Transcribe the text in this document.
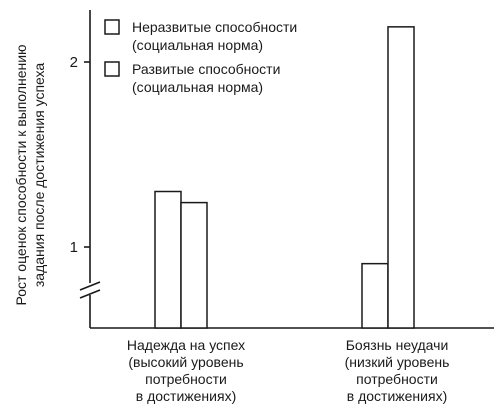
Рост оценок способности к выполнению задания после достижения успеха
2
1
Неразвитые способности
(социальная норма)
Развитые способности
(социальная норма)
Надежда на успех
(высокий уровень
потребности
в достижениях)
Боязнь неудачи
(низкий уровень
потребности
в достижениях)
